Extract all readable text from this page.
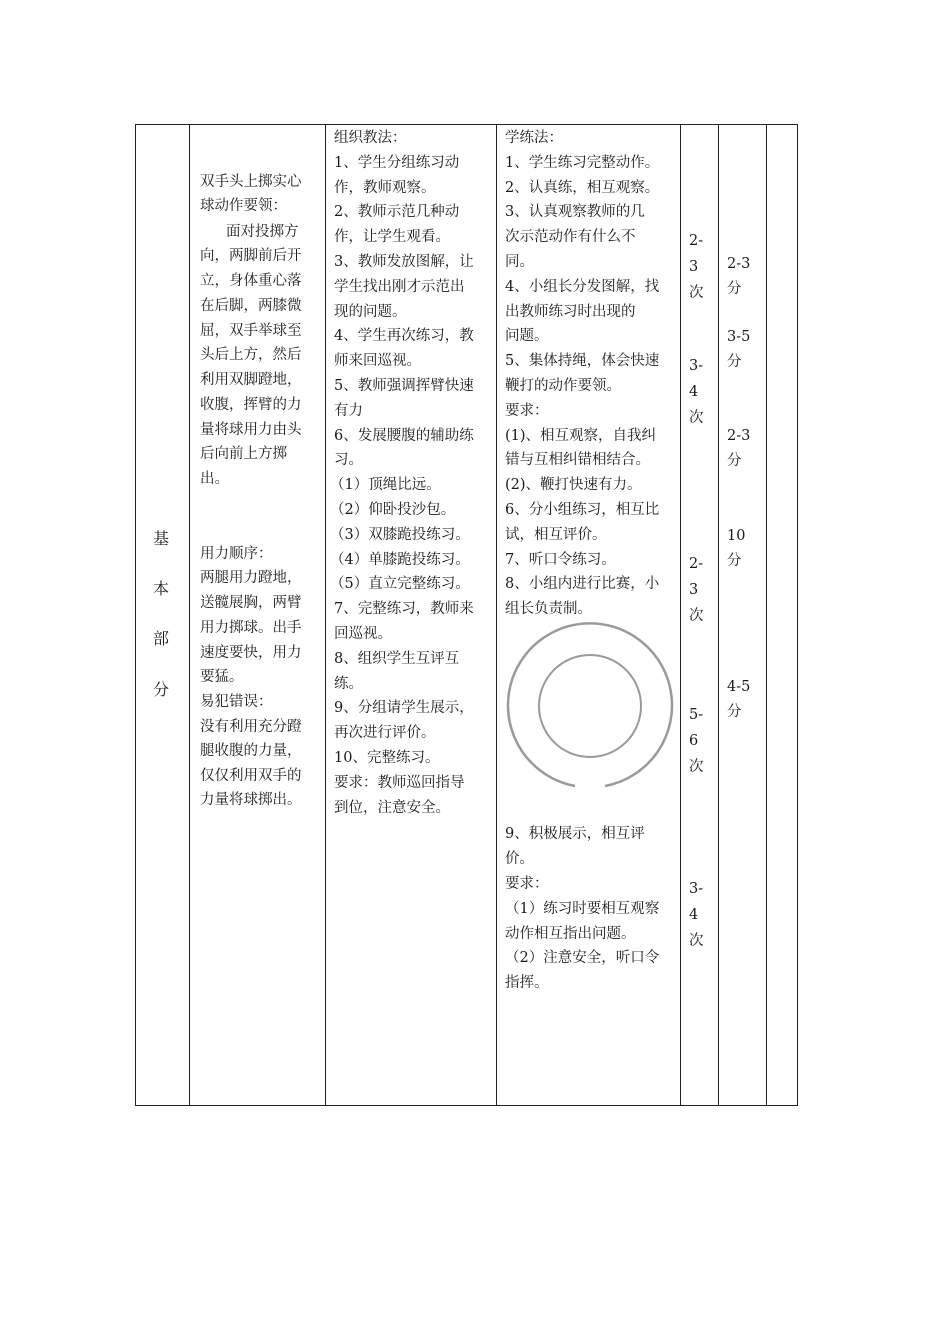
基
本
部
分
双手头上掷实心
球动作要领：
面对投掷方
向，两脚前后开
立，身体重心落
在后脚，两膝微
屈，双手举球至
头后上方，然后
利用双脚蹬地，
收腹，挥臂的力
量将球用力由头
后向前上方掷
出。
用力顺序：
两腿用力蹬地，
送髋展胸，两臂
用力掷球。出手
速度要快，用力
要猛。
易犯错误：
没有利用充分蹬
腿收腹的力量，
仅仅利用双手的
力量将球掷出。
组织教法：
1、学生分组练习动
作，教师观察。
2、教师示范几种动
作，让学生观看。
3、教师发放图解，让
学生找出刚才示范出
现的问题。
4、学生再次练习，教
师来回巡视。
5、教师强调挥臂快速
有力
6、发展腰腹的辅助练
习。
（1）顶绳比远。
（2）仰卧投沙包。
（3）双膝跪投练习。
（4）单膝跪投练习。
（5）直立完整练习。
7、完整练习，教师来
回巡视。
8、组织学生互评互
练。
9、分组请学生展示，
再次进行评价。
10、完整练习。
要求：教师巡回指导
到位，注意安全。
学练法：
1、学生练习完整动作。
2、认真练，相互观察。
3、认真观察教师的几
次示范动作有什么不
同。
4、小组长分发图解，找
出教师练习时出现的
问题。
5、集体持绳，体会快速
鞭打的动作要领。
要求：
(1)、相互观察，自我纠
错与互相纠错相结合。
(2)、鞭打快速有力。
6、分小组练习，相互比
试，相互评价。
7、听口令练习。
8、小组内进行比赛，小
组长负责制。
9、积极展示，相互评
价。
要求：
（1）练习时要相互观察
动作相互指出问题。
（2）注意安全，听口令
指挥。
2-
3
次
3-
4
次
2-
3
次
5-
6
次
3-
4
次
2-3
分
3-5
分
2-3
分
10
分
4-5
分
